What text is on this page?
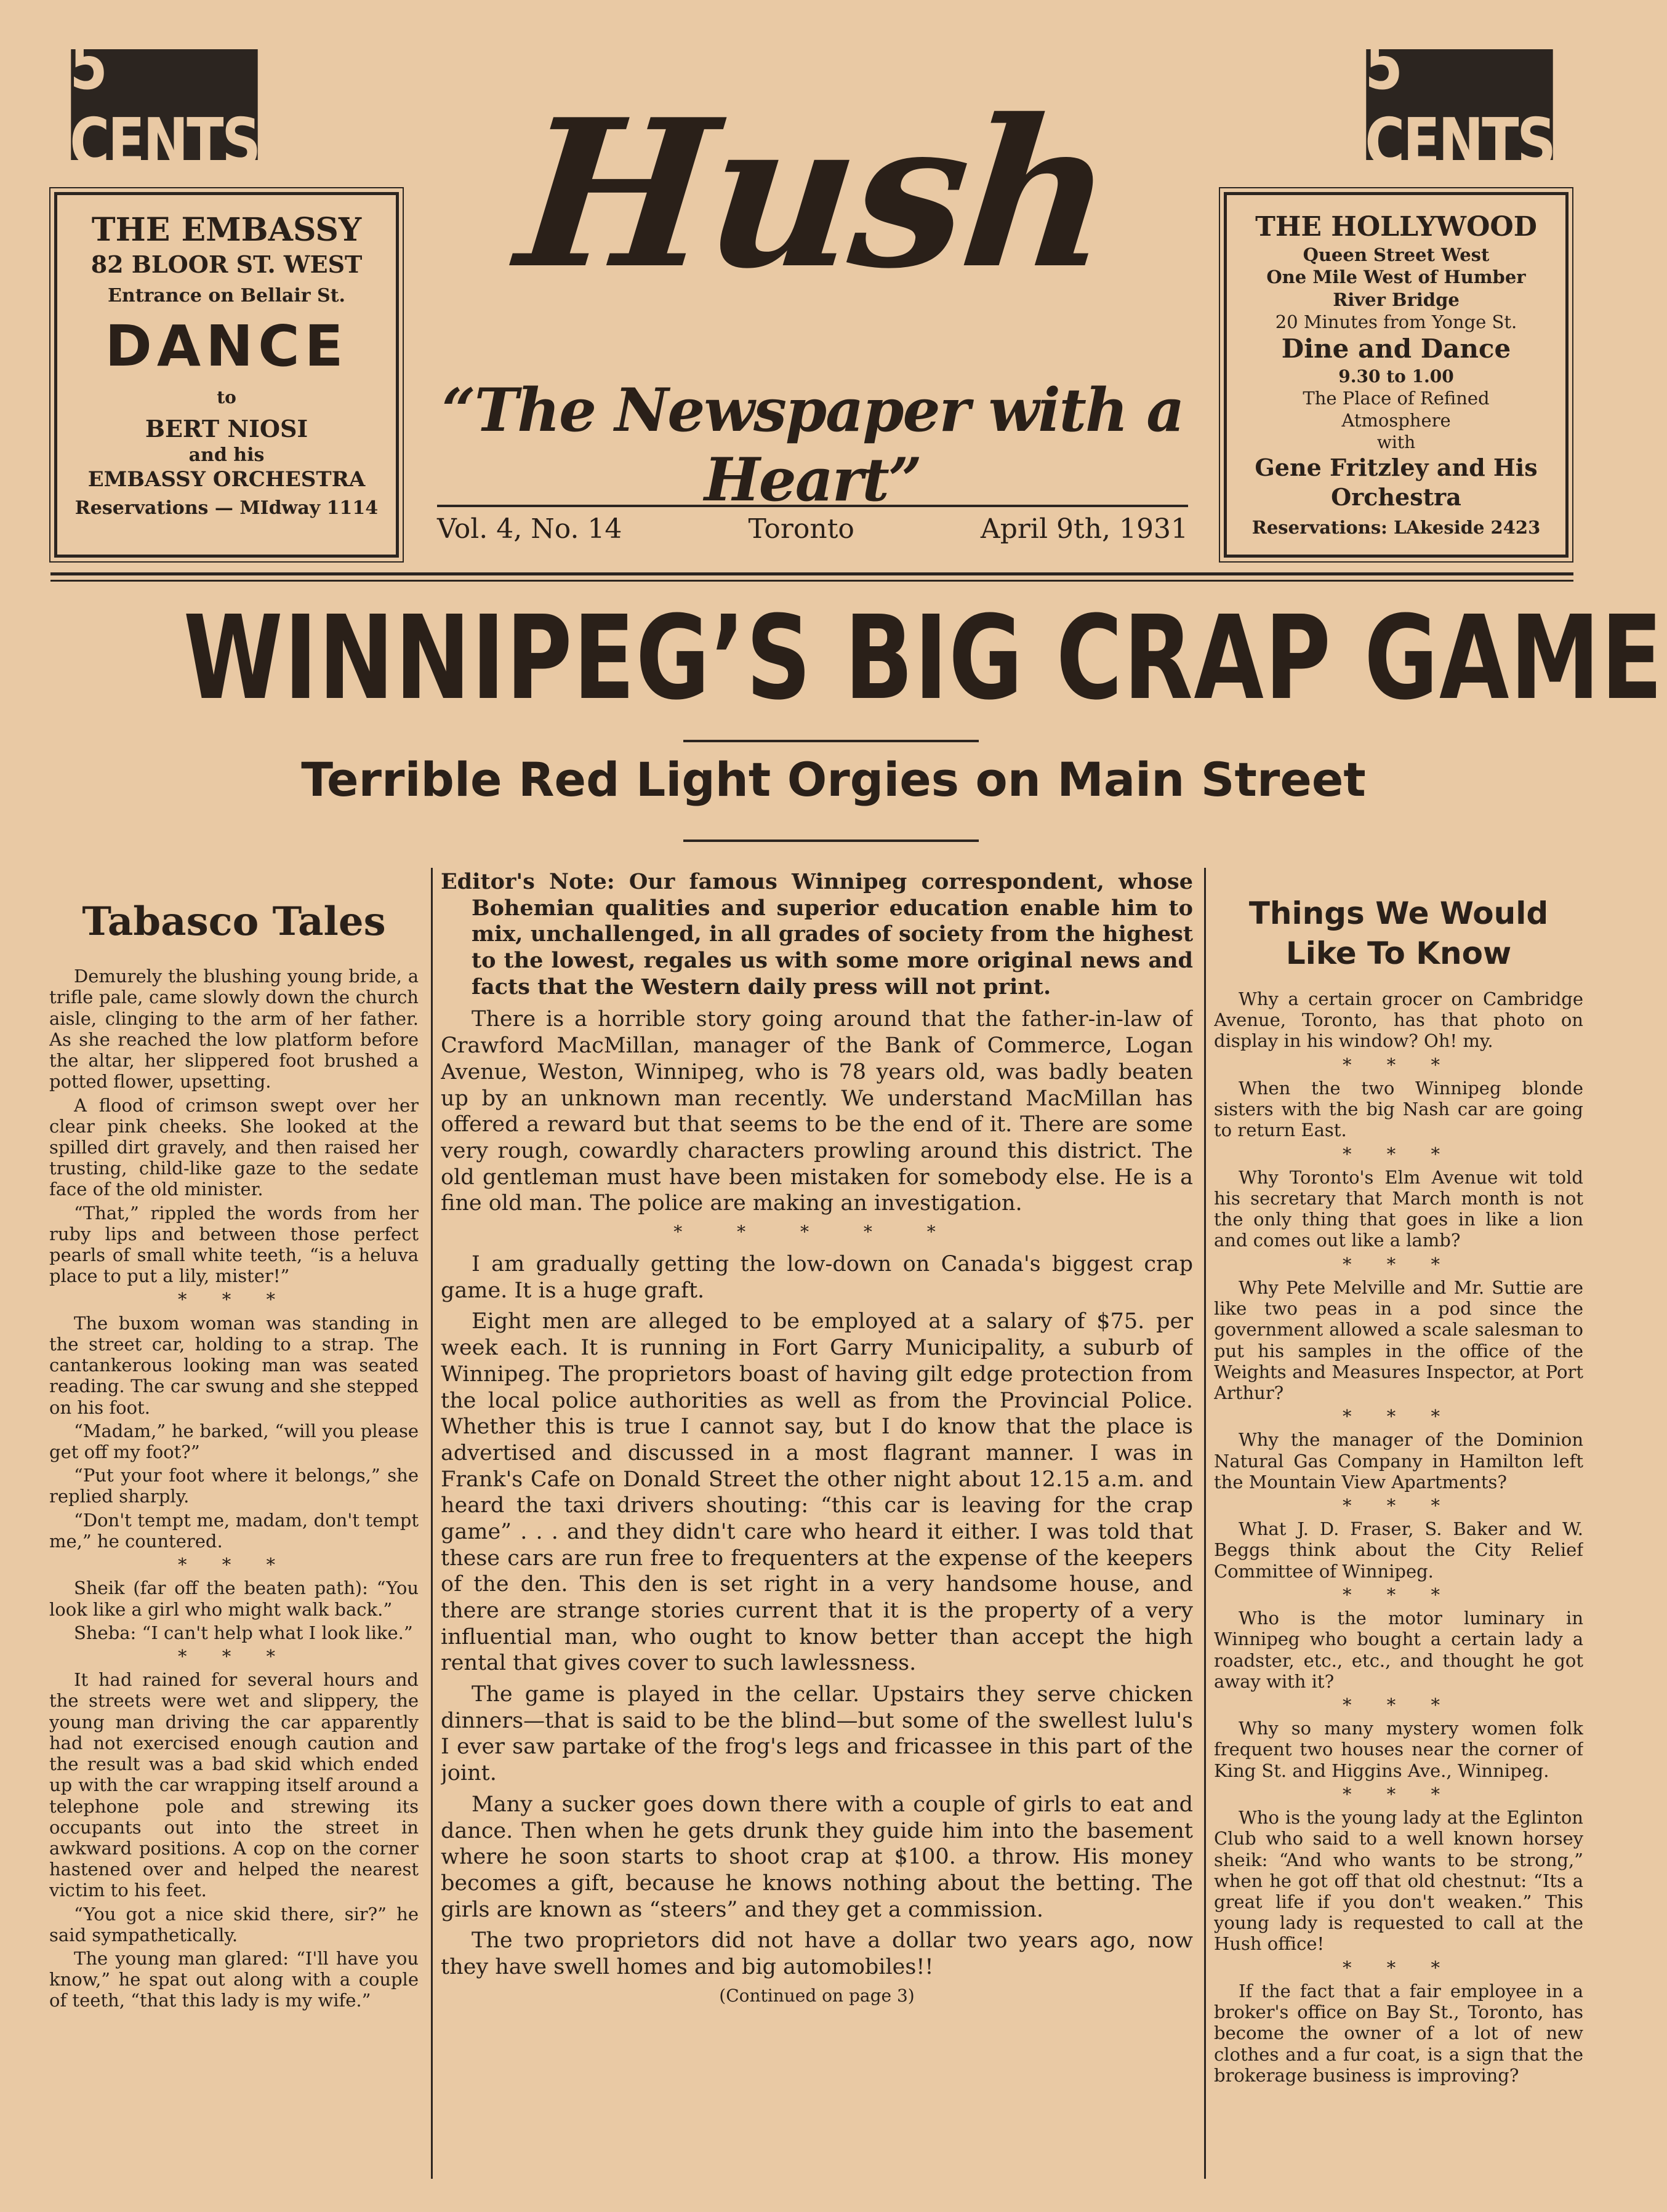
5 CENTS
5 CENTS
THE EMBASSY
82 BLOOR ST. WEST
Entrance on Bellair St.
DANCE
to
BERT NIOSI
and his
EMBASSY ORCHESTRA
Reservations — MIdway 1114
THE HOLLYWOOD
Queen Street West
One Mile West of Humber
River Bridge
20 Minutes from Yonge St.
Dine and Dance
9.30 to 1.00
The Place of Refined
Atmosphere
with
Gene Fritzley and His
Orchestra
Reservations: LAkeside 2423
Hush
“The Newspaper with a Heart”
Vol. 4, No. 14	Toronto	April 9th, 1931
WINNIPEG’S BIG CRAP GAME
Terrible Red Light Orgies on Main Street
Tabasco Tales

Demurely the blushing young bride, a trifle pale, came slowly down the church aisle, clinging to the arm of her father. As she reached the low platform before the altar, her slippered foot brushed a potted flower, upsetting.

A flood of crimson swept over her clear pink cheeks. She looked at the spilled dirt gravely, and then raised her trusting, child-like gaze to the sedate face of the old minister.

“That,” rippled the words from her ruby lips and between those perfect pearls of small white teeth, “is a heluva place to put a lily, mister!”

* * *

The buxom woman was standing in the street car, holding to a strap. The cantankerous looking man was seated reading. The car swung and she stepped on his foot.

“Madam,” he barked, “will you please get off my foot?”

“Put your foot where it belongs,” she replied sharply.

“Don't tempt me, madam, don't tempt me,” he countered.

* * *

Sheik (far off the beaten path): “You look like a girl who might walk back.”

Sheba: “I can't help what I look like.”

* * *

It had rained for several hours and the streets were wet and slippery, the young man driving the car apparently had not exercised enough caution and the result was a bad skid which ended up with the car wrapping itself around a telephone pole and strewing its occupants out into the street in awkward positions. A cop on the corner hastened over and helped the nearest victim to his feet.

“You got a nice skid there, sir?” he said sympathetically.

The young man glared: “I'll have you know,” he spat out along with a couple of teeth, “that this lady is my wife.”

Editor's Note: Our famous Winnipeg correspondent, whose Bohemian qualities and superior education enable him to mix, unchallenged, in all grades of society from the highest to the lowest, regales us with some more original news and facts that the Western daily press will not print.

There is a horrible story going around that the father-in-law of Crawford MacMillan, manager of the Bank of Commerce, Logan Avenue, Weston, Winnipeg, who is 78 years old, was badly beaten up by an unknown man recently. We understand MacMillan has offered a reward but that seems to be the end of it. There are some very rough, cowardly characters prowling around this district. The old gentleman must have been mistaken for somebody else. He is a fine old man. The police are making an investigation.

* * * * *

I am gradually getting the low-down on Canada's biggest crap game. It is a huge graft.

Eight men are alleged to be employed at a salary of $75. per week each. It is running in Fort Garry Municipality, a suburb of Winnipeg. The proprietors boast of having gilt edge protection from the local police authorities as well as from the Provincial Police. Whether this is true I cannot say, but I do know that the place is advertised and discussed in a most flagrant manner. I was in Frank's Cafe on Donald Street the other night about 12.15 a.m. and heard the taxi drivers shouting: “this car is leaving for the crap game” . . . and they didn't care who heard it either. I was told that these cars are run free to frequenters at the expense of the keepers of the den. This den is set right in a very handsome house, and there are strange stories current that it is the property of a very influential man, who ought to know better than accept the high rental that gives cover to such lawlessness.

The game is played in the cellar. Upstairs they serve chicken dinners—that is said to be the blind—but some of the swellest lulu's I ever saw partake of the frog's legs and fricassee in this part of the joint.

Many a sucker goes down there with a couple of girls to eat and dance. Then when he gets drunk they guide him into the basement where he soon starts to shoot crap at $100. a throw. His money becomes a gift, because he knows nothing about the betting. The girls are known as “steers” and they get a commission.

The two proprietors did not have a dollar two years ago, now they have swell homes and big automobiles!!

(Continued on page 3)
Things We Would Like To Know

Why a certain grocer on Cambridge Avenue, Toronto, has that photo on display in his window? Oh! my.

* * *

When the two Winnipeg blonde sisters with the big Nash car are going to return East.

* * *

Why Toronto's Elm Avenue wit told his secretary that March month is not the only thing that goes in like a lion and comes out like a lamb?

* * *

Why Pete Melville and Mr. Suttie are like two peas in a pod since the government allowed a scale salesman to put his samples in the office of the Weights and Measures Inspector, at Port Arthur?

* * *

Why the manager of the Dominion Natural Gas Company in Hamilton left the Mountain View Apartments?

* * *

What J. D. Fraser, S. Baker and W. Beggs think about the City Relief Committee of Winnipeg.

* * *

Who is the motor luminary in Winnipeg who bought a certain lady a roadster, etc., etc., and thought he got away with it?

* * *

Why so many mystery women folk frequent two houses near the corner of King St. and Higgins Ave., Winnipeg.

* * *

Who is the young lady at the Eglinton Club who said to a well known horsey sheik: “And who wants to be strong,” when he got off that old chestnut: “Its a great life if you don't weaken.” This young lady is requested to call at the Hush office!

* * *

If the fact that a fair employee in a broker's office on Bay St., Toronto, has become the owner of a lot of new clothes and a fur coat, is a sign that the brokerage business is improving?
